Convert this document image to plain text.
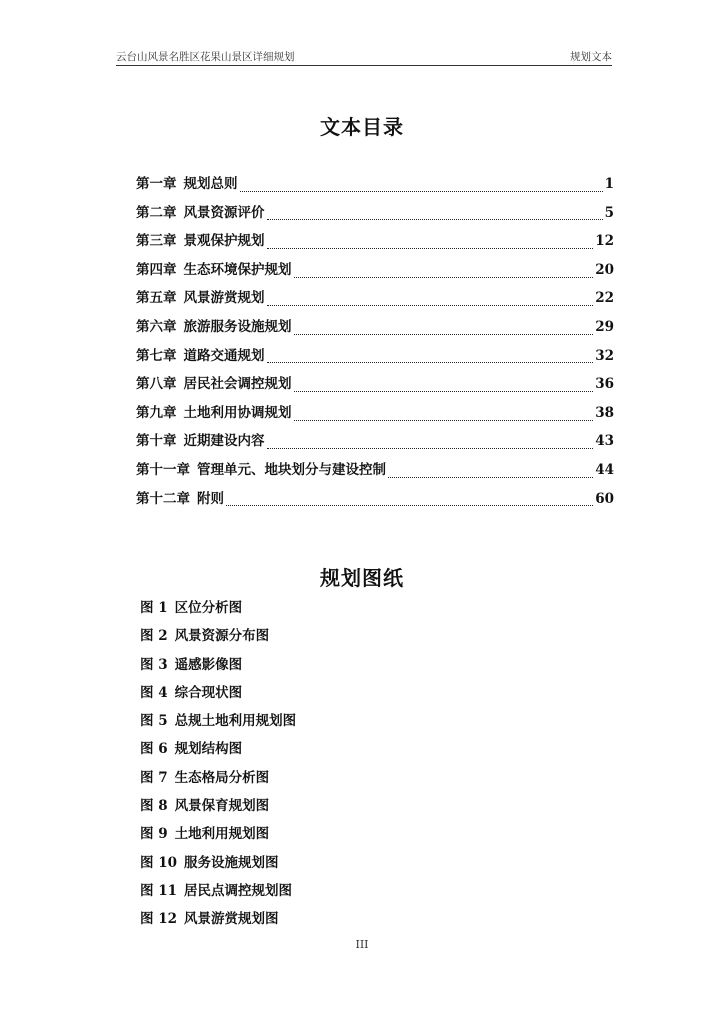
云台山风景名胜区花果山景区详细规划	规划文本
文本目录
第一章 规划总则	1
第二章 风景资源评价	5
第三章 景观保护规划	12
第四章 生态环境保护规划	20
第五章 风景游赏规划	22
第六章 旅游服务设施规划	29
第七章 道路交通规划	32
第八章 居民社会调控规划	36
第九章 土地利用协调规划	38
第十章 近期建设内容	43
第十一章 管理单元、地块划分与建设控制	44
第十二章 附则	60
规划图纸
图 1 区位分析图
图 2 风景资源分布图
图 3 遥感影像图
图 4 综合现状图
图 5 总规土地利用规划图
图 6 规划结构图
图 7 生态格局分析图
图 8 风景保育规划图
图 9 土地利用规划图
图 10 服务设施规划图
图 11 居民点调控规划图
图 12 风景游赏规划图
III
